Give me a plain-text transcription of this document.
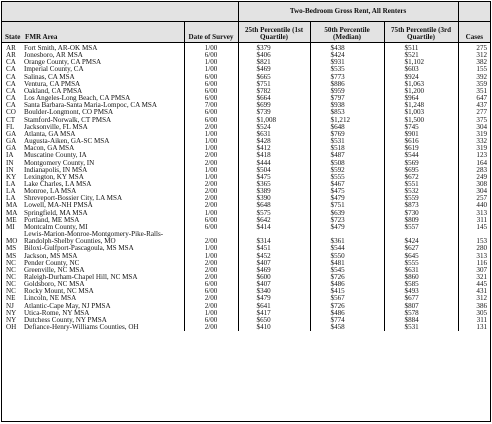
			Two-Bedroom Gross Rent, All Renters			
State	FMR Area	Date of Survey	25th Percentile (1st Quartile)	50th Percentile (Median)	75th Percentile (3rd Quartile)	Cases
AR	Fort Smith, AR-OK MSA	1/00	$379	$438	$511	275
AR	Jonesboro, AR MSA	6/00	$406	$424	$521	312
CA	Orange County, CA PMSA	1/00	$821	$931	$1,102	382
CA	Imperial County, CA	1/00	$469	$535	$603	155
CA	Salinas, CA MSA	6/00	$665	$773	$924	392
CA	Ventura, CA PMSA	6/00	$751	$886	$1,063	359
CA	Oakland, CA PMSA	6/00	$782	$959	$1,200	351
CA	Los Angeles-Long Beach, CA PMSA	6/00	$664	$797	$964	647
CA	Santa Barbara-Santa Maria-Lompoc, CA MSA	7/00	$699	$938	$1,248	437
CO	Boulder-Longmont, CO PMSA	6/00	$739	$853	$1,003	277
CT	Stamford-Norwalk, CT PMSA	6/00	$1,008	$1,212	$1,500	375
FL	Jacksonville, FL MSA	2/00	$524	$648	$745	304
GA	Atlanta, GA MSA	1/00	$631	$769	$901	319
GA	Augusta-Aiken, GA-SC MSA	1/00	$428	$531	$616	332
GA	Macon, GA MSA	1/00	$412	$518	$619	319
IA	Muscatine County, IA	2/00	$418	$487	$544	123
IN	Montgomery County, IN	2/00	$444	$508	$569	164
IN	Indianapolis, IN MSA	1/00	$504	$592	$695	283
KY	Lexington, KY MSA	1/00	$475	$555	$672	249
LA	Lake Charles, LA MSA	2/00	$365	$467	$551	308
LA	Monroe, LA MSA	2/00	$389	$475	$532	304
LA	Shreveport-Bossier City, LA MSA	2/00	$390	$479	$559	257
MA	Lowell, MA-NH PMSA	2/00	$648	$751	$873	440
MA	Springfield, MA MSA	1/00	$575	$639	$730	313
ME	Portland, ME MSA	6/00	$642	$723	$809	311
MI	Montcalm County, MI	6/00	$414	$479	$557	145
MO	Lewis-Marion-Monroe-Montgomery-Pike-Ralls-Randolph-Shelby Counties, MO	2/00	$314	$361	$424	153
MS	Biloxi-Gulfport-Pascagoula, MS MSA	1/00	$451	$544	$627	280
MS	Jackson, MS MSA	1/00	$452	$550	$645	313
NC	Pender County, NC	2/00	$407	$481	$555	116
NC	Greenville, NC MSA	2/00	$469	$545	$631	307
NC	Raleigh-Durham-Chapel Hill, NC MSA	2/00	$600	$726	$860	321
NC	Goldsboro, NC MSA	6/00	$407	$486	$585	445
NC	Rocky Mount, NC MSA	6/00	$340	$415	$493	431
NE	Lincoln, NE MSA	2/00	$479	$567	$677	312
NJ	Atlantic-Cape May, NJ PMSA	2/00	$641	$726	$807	386
NY	Utica-Rome, NY MSA	1/00	$417	$486	$578	305
NY	Dutchess County, NY PMSA	6/00	$650	$774	$884	311
OH	Defiance-Henry-Williams Counties, OH	2/00	$410	$458	$531	131
